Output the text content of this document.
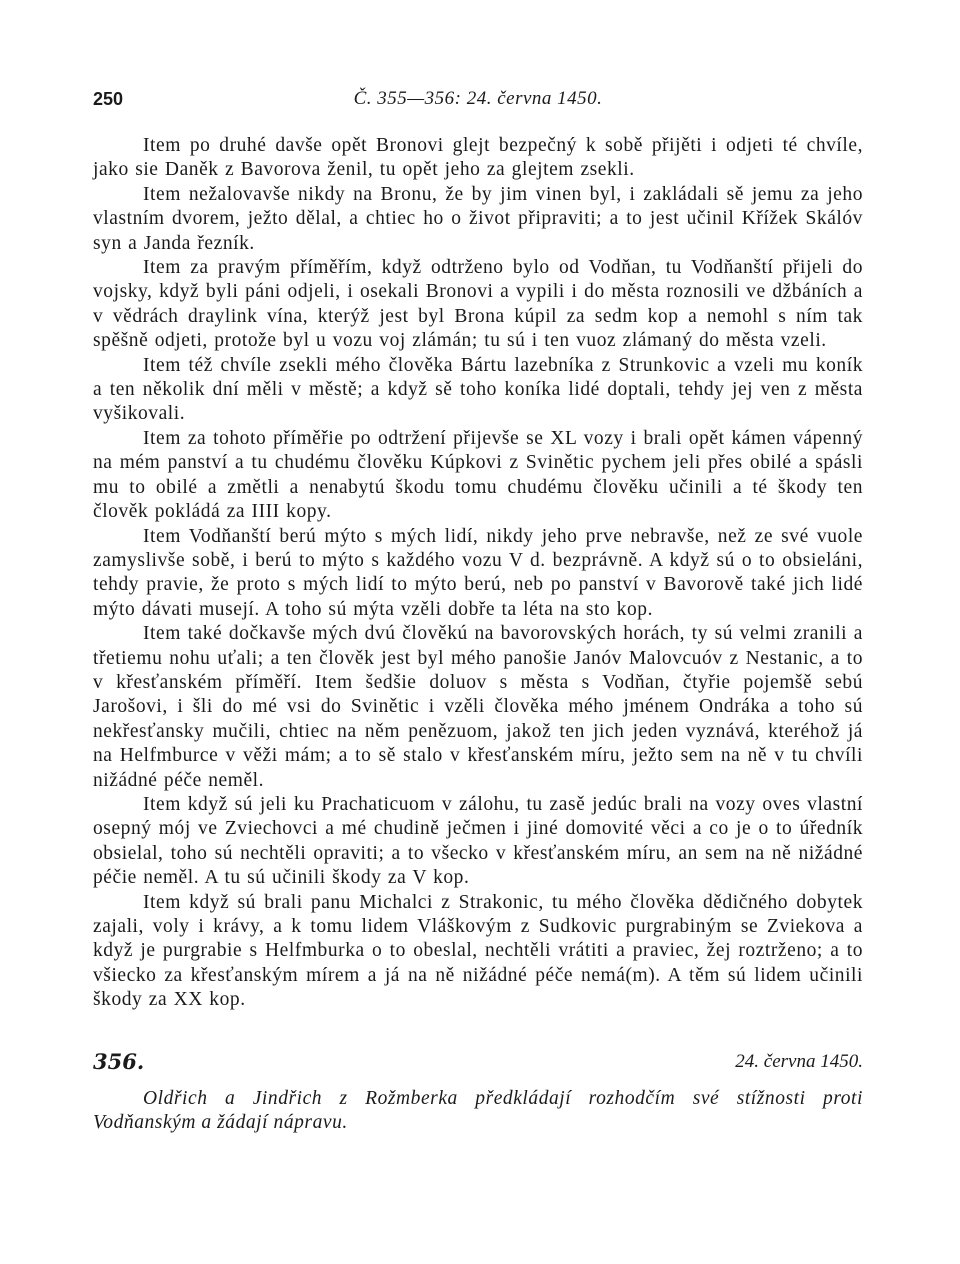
250	Č. 355—356: 24. června 1450.

Item po druhé davše opět Bronovi glejt bezpečný k sobě přijěti i odjeti té chvíle, jako sie Daněk z Bavorova ženil, tu opět jeho za glejtem zsekli.

Item nežalovavše nikdy na Bronu, že by jim vinen byl, i zakládali sě jemu za jeho vlastním dvorem, ježto dělal, a chtiec ho o život připraviti; a to jest učinil Křížek Skálóv syn a Janda řezník.

Item za pravým příměřím, když odtrženo bylo od Vodňan, tu Vodňanští přijeli do vojsky, když byli páni odjeli, i osekali Bronovi a vypili i do města roznosili ve džbáních a v vědrách draylink vína, kterýž jest byl Brona kúpil za sedm kop a nemohl s ním tak spěšně odjeti, protože byl u vozu voj zlámán; tu sú i ten vuoz zlámaný do města vzeli.

Item též chvíle zsekli mého člověka Bártu lazebníka z Strunkovic a vzeli mu koník a ten několik dní měli v městě; a když sě toho koníka lidé doptali, tehdy jej ven z města vyšikovali.

Item za tohoto příměřie po odtržení přijevše se XL vozy i brali opět kámen vápenný na mém panství a tu chudému člověku Kúpkovi z Svinětic pychem jeli přes obilé a spásli mu to obilé a změtli a nenabytú škodu tomu chudému člověku učinili a té škody ten člověk pokládá za IIII kopy.

Item Vodňanští berú mýto s mých lidí, nikdy jeho prve nebravše, než ze své vuole zamyslivše sobě, i berú to mýto s každého vozu V d. bezprávně. A když sú o to obsieláni, tehdy pravie, že proto s mých lidí to mýto berú, neb po panství v Bavorově také jich lidé mýto dávati musejí. A toho sú mýta vzěli dobře ta léta na sto kop.

Item také dočkavše mých dvú člověkú na bavorovských horách, ty sú velmi zranili a třetiemu nohu uťali; a ten člověk jest byl mého panošie Janóv Malovcuóv z Nestanic, a to v křesťanském příměří. Item šedšie doluov s města s Vodňan, čtyřie pojemšě sebú Jarošovi, i šli do mé vsi do Svinětic i vzěli člověka mého jménem Ondráka a toho sú nekřesťansky mučili, chtiec na něm penězuom, jakož ten jich jeden vyznává, kteréhož já na Helfmburce v věži mám; a to sě stalo v křesťanském míru, ježto sem na ně v tu chvíli nižádné péče neměl.

Item když sú jeli ku Prachaticuom v zálohu, tu zasě jedúc brali na vozy oves vlastní osepný mój ve Zviechovci a mé chudině ječmen i jiné domovité věci a co je o to úředník obsielal, toho sú nechtěli opraviti; a to všecko v křesťanském míru, an sem na ně nižádné péčie neměl. A tu sú učinili škody za V kop.

Item když sú brali panu Michalci z Strakonic, tu mého člověka dědičného dobytek zajali, voly i krávy, a k tomu lidem Vláškovým z Sudkovic purgrabiným se Zviekova a když je purgrabie s Helfmburka o to obeslal, nechtěli vrátiti a praviec, žej roztrženo; a to všiecko za křesťanským mírem a já na ně nižádné péče nemá(m). A těm sú lidem učinili škody za XX kop.

356.	24. června 1450.

Oldřich a Jindřich z Rožmberka předkládají rozhodčím své stížnosti proti Vodňanským a žádají nápravu.
